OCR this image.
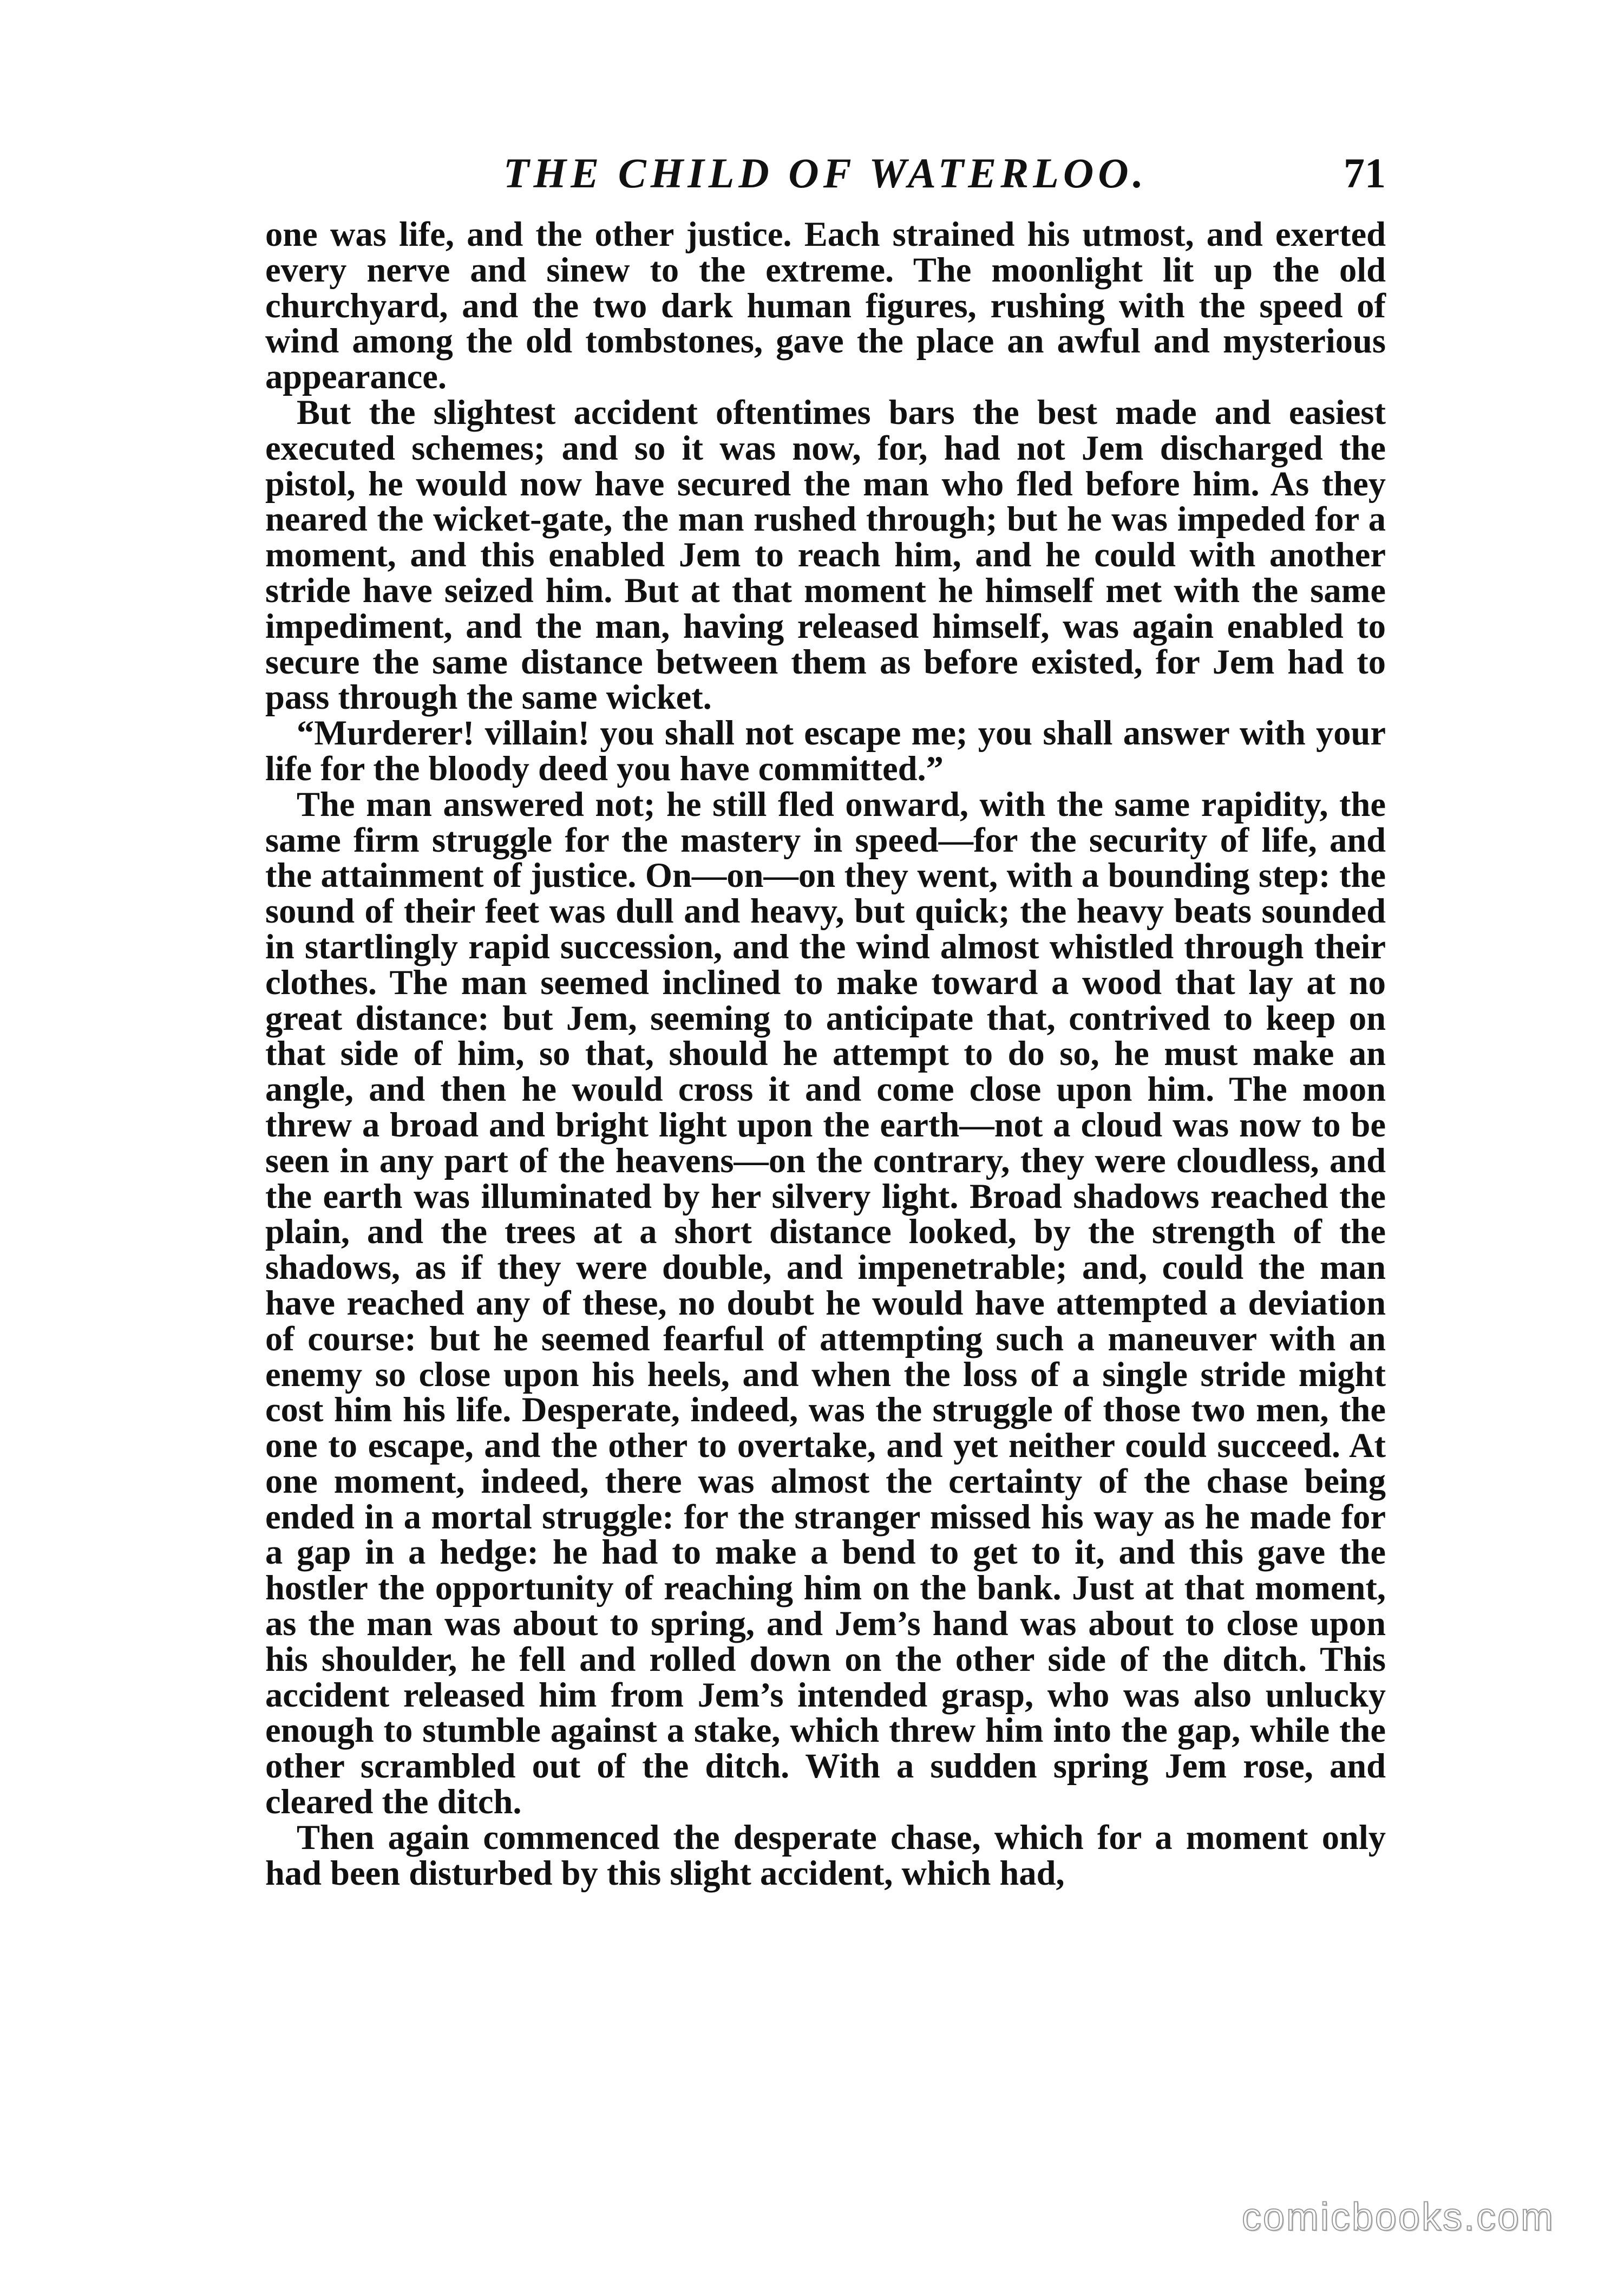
THE CHILD OF WATERLOO.	71

one was life, and the other justice. Each strained his utmost, and exerted every nerve and sinew to the extreme. The moonlight lit up the old churchyard, and the two dark human figures, rushing with the speed of wind among the old tombstones, gave the place an awful and mysterious appearance.

But the slightest accident oftentimes bars the best made and easiest executed schemes; and so it was now, for, had not Jem discharged the pistol, he would now have secured the man who fled before him. As they neared the wicket-gate, the man rushed through; but he was impeded for a moment, and this enabled Jem to reach him, and he could with another stride have seized him. But at that moment he himself met with the same impediment, and the man, having released himself, was again enabled to secure the same distance between them as before existed, for Jem had to pass through the same wicket.

“Murderer! villain! you shall not escape me; you shall answer with your life for the bloody deed you have committed.”

The man answered not; he still fled onward, with the same rapidity, the same firm struggle for the mastery in speed—for the security of life, and the attainment of justice. On—on—on they went, with a bounding step: the sound of their feet was dull and heavy, but quick; the heavy beats sounded in startlingly rapid succession, and the wind almost whistled through their clothes. The man seemed inclined to make toward a wood that lay at no great distance: but Jem, seeming to anticipate that, contrived to keep on that side of him, so that, should he attempt to do so, he must make an angle, and then he would cross it and come close upon him. The moon threw a broad and bright light upon the earth—not a cloud was now to be seen in any part of the heavens—on the contrary, they were cloudless, and the earth was illuminated by her silvery light. Broad shadows reached the plain, and the trees at a short distance looked, by the strength of the shadows, as if they were double, and impenetrable; and, could the man have reached any of these, no doubt he would have attempted a deviation of course: but he seemed fearful of attempting such a maneuver with an enemy so close upon his heels, and when the loss of a single stride might cost him his life. Desperate, indeed, was the struggle of those two men, the one to escape, and the other to overtake, and yet neither could succeed. At one moment, indeed, there was almost the certainty of the chase being ended in a mortal struggle: for the stranger missed his way as he made for a gap in a hedge: he had to make a bend to get to it, and this gave the hostler the opportunity of reaching him on the bank. Just at that moment, as the man was about to spring, and Jem’s hand was about to close upon his shoulder, he fell and rolled down on the other side of the ditch. This accident released him from Jem’s intended grasp, who was also unlucky enough to stumble against a stake, which threw him into the gap, while the other scrambled out of the ditch. With a sudden spring Jem rose, and cleared the ditch.

Then again commenced the desperate chase, which for a moment only had been disturbed by this slight accident, which had,

comicbooks.com
